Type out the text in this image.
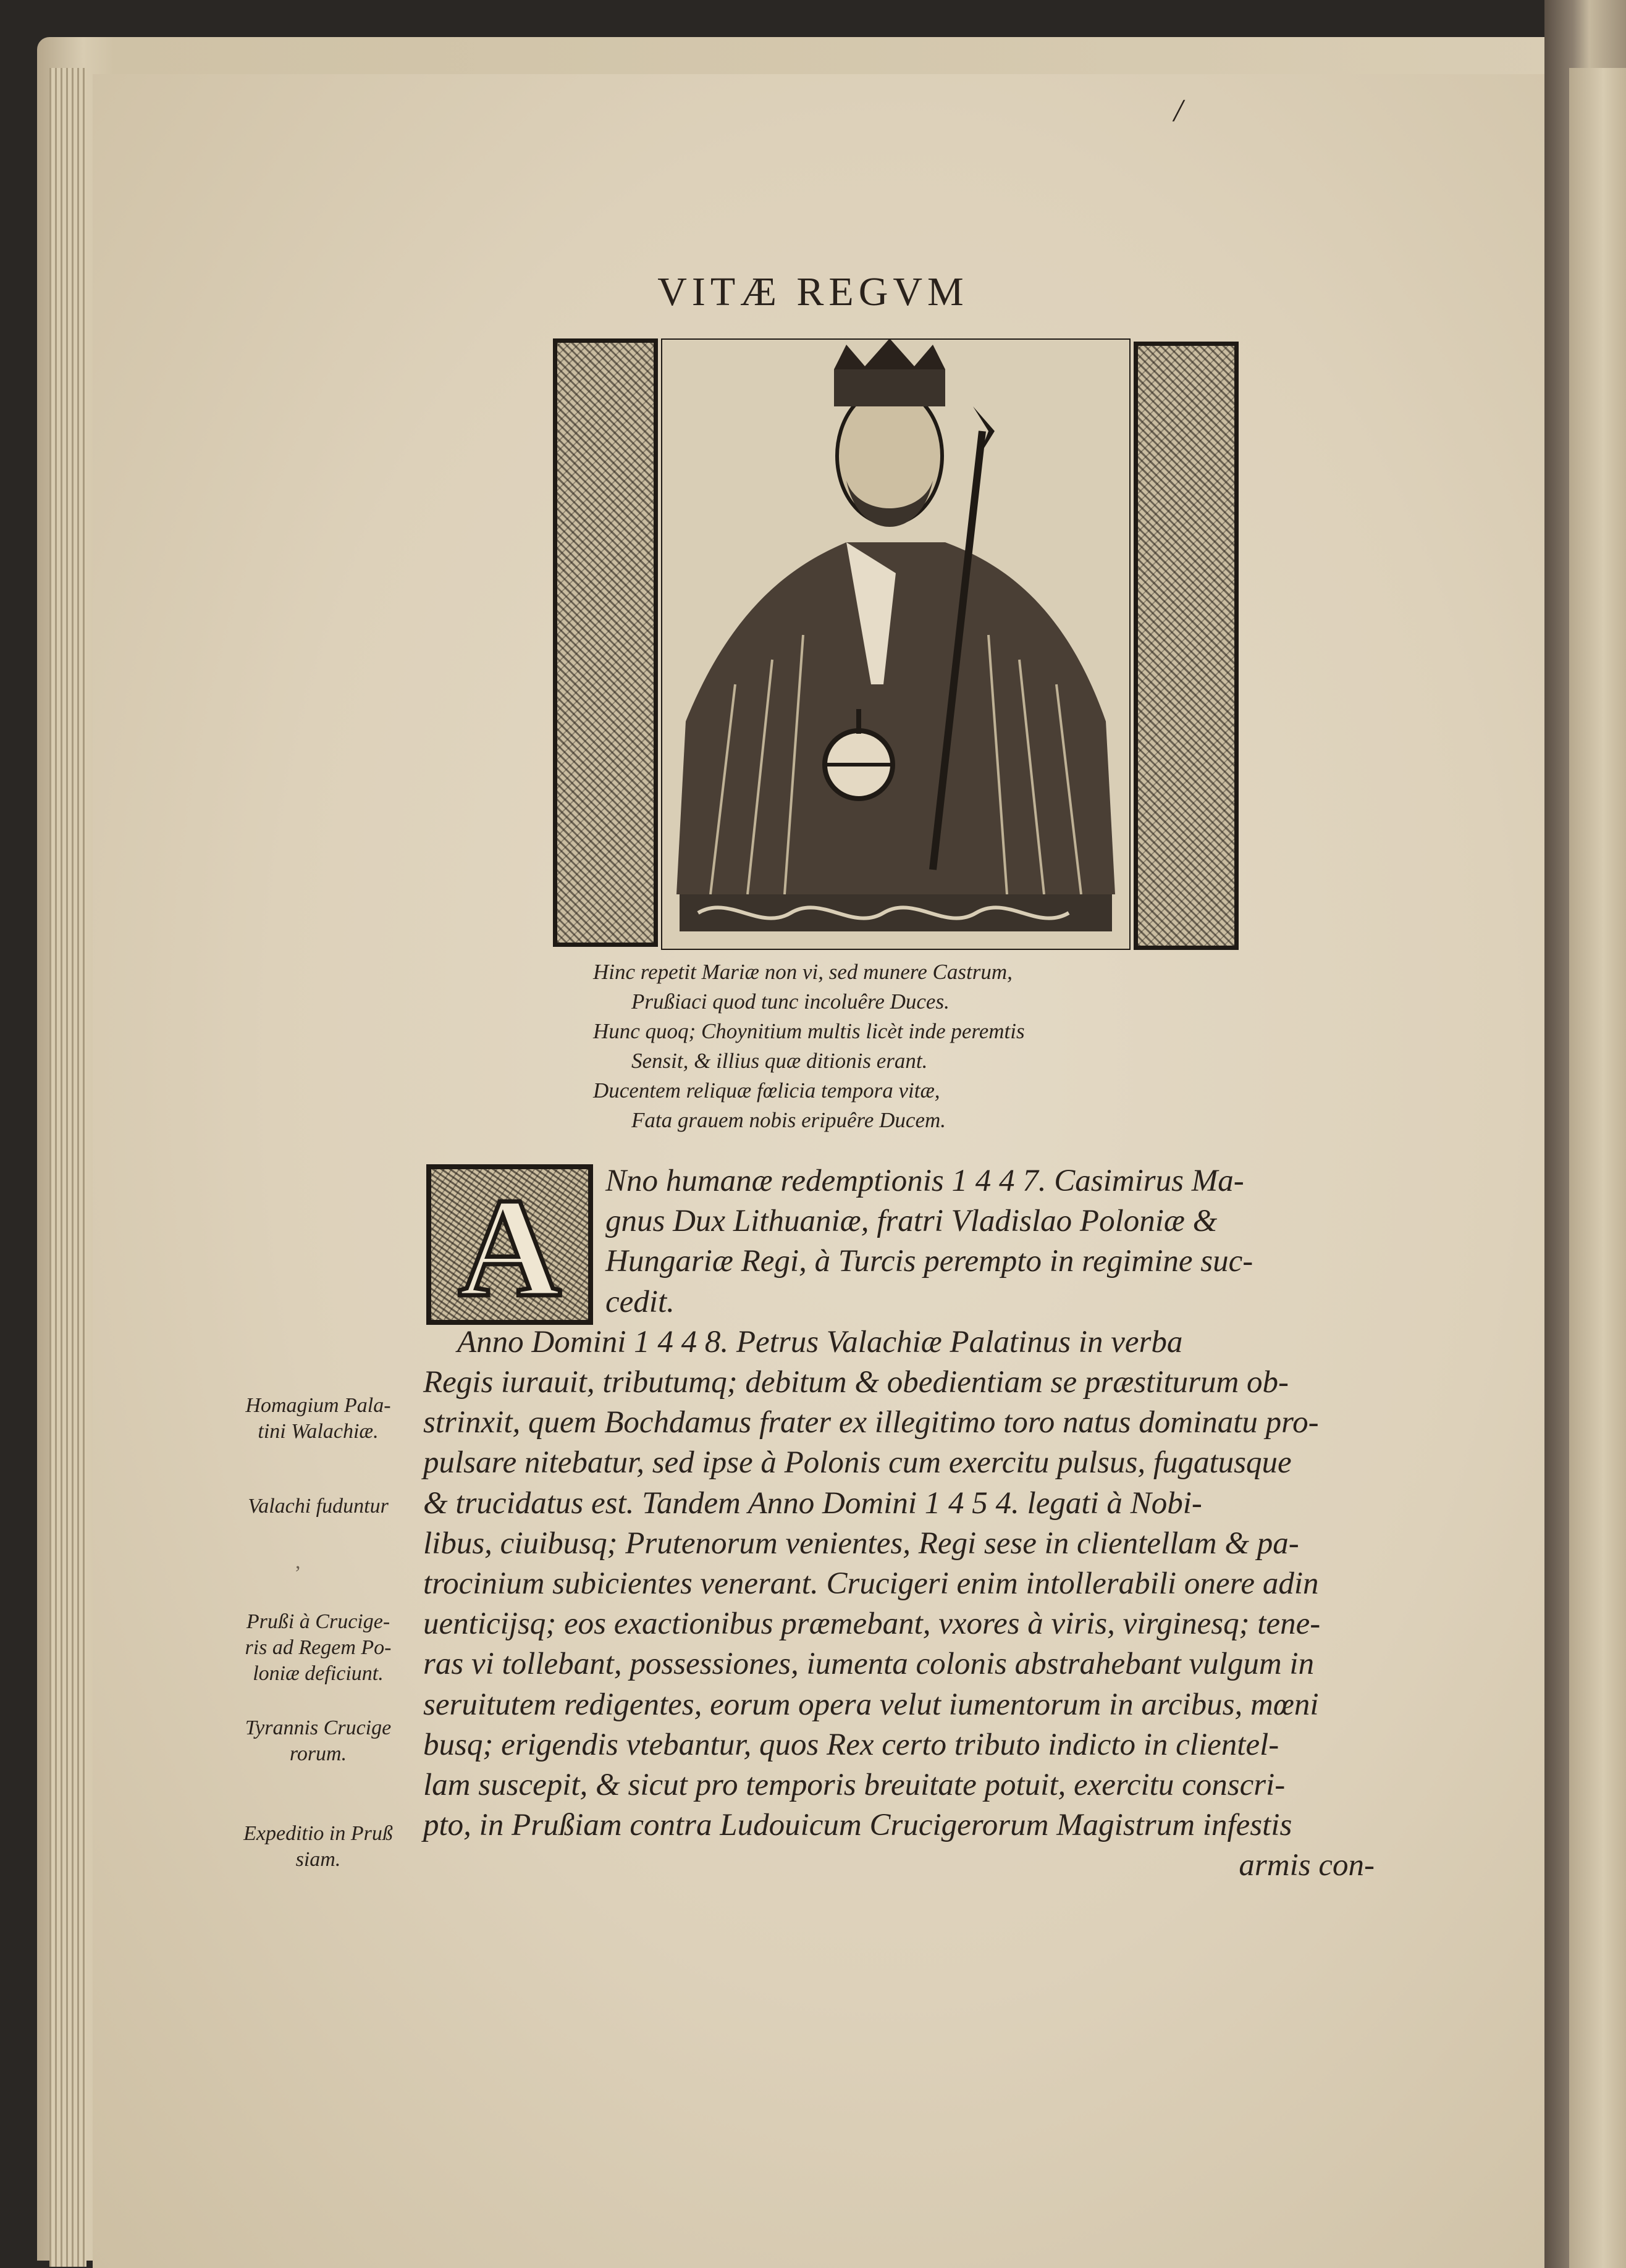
/
VITÆ REGVM
Hinc repetit Mariæ non vi, sed munere Castrum,
Prußiaci quod tunc incoluêre Duces.
Hunc quoq; Choynitium multis licèt inde peremtis
Sensit, & illius quæ ditionis erant.
Ducentem reliquæ fœlicia tempora vitæ,
Fata grauem nobis eripuêre Ducem.
A	Nno humanæ redemptionis 1 4 4 7. Casimirus Ma-
gnus Dux Lithuaniæ, fratri Vladislao Poloniæ &
Hungariæ Regi, à Turcis perempto in regimine suc-
cedit.
Anno Domini 1 4 4 8. Petrus Valachiæ Palatinus in verba
Regis iurauit, tributumq; debitum & obedientiam se præstiturum ob-
strinxit, quem Bochdamus frater ex illegitimo toro natus dominatu pro-
pulsare nitebatur, sed ipse à Polonis cum exercitu pulsus, fugatusque
& trucidatus est. Tandem Anno Domini 1 4 5 4. legati à Nobi-
libus, ciuibusq; Prutenorum venientes, Regi sese in clientellam & pa-
trocinium subicientes venerant. Crucigeri enim intollerabili onere adin
uenticijsq; eos exactionibus præmebant, vxores à viris, virginesq; tene-
ras vi tollebant, possessiones, iumenta colonis abstrahebant vulgum in
seruitutem redigentes, eorum opera velut iumentorum in arcibus, mœni
busq; erigendis vtebantur, quos Rex certo tributo indicto in clientel-
lam suscepit, & sicut pro temporis breuitate potuit, exercitu conscri-
pto, in Prußiam contra Ludouicum Crucigerorum Magistrum infestis
armis con-
Homagium Pala-
tini Walachiæ.
Valachi fuduntur
,
Prußi à Crucige-
ris ad Regem Po-
loniæ deficiunt.
Tyrannis Crucige
rorum.
Expeditio in Pruß
siam.
